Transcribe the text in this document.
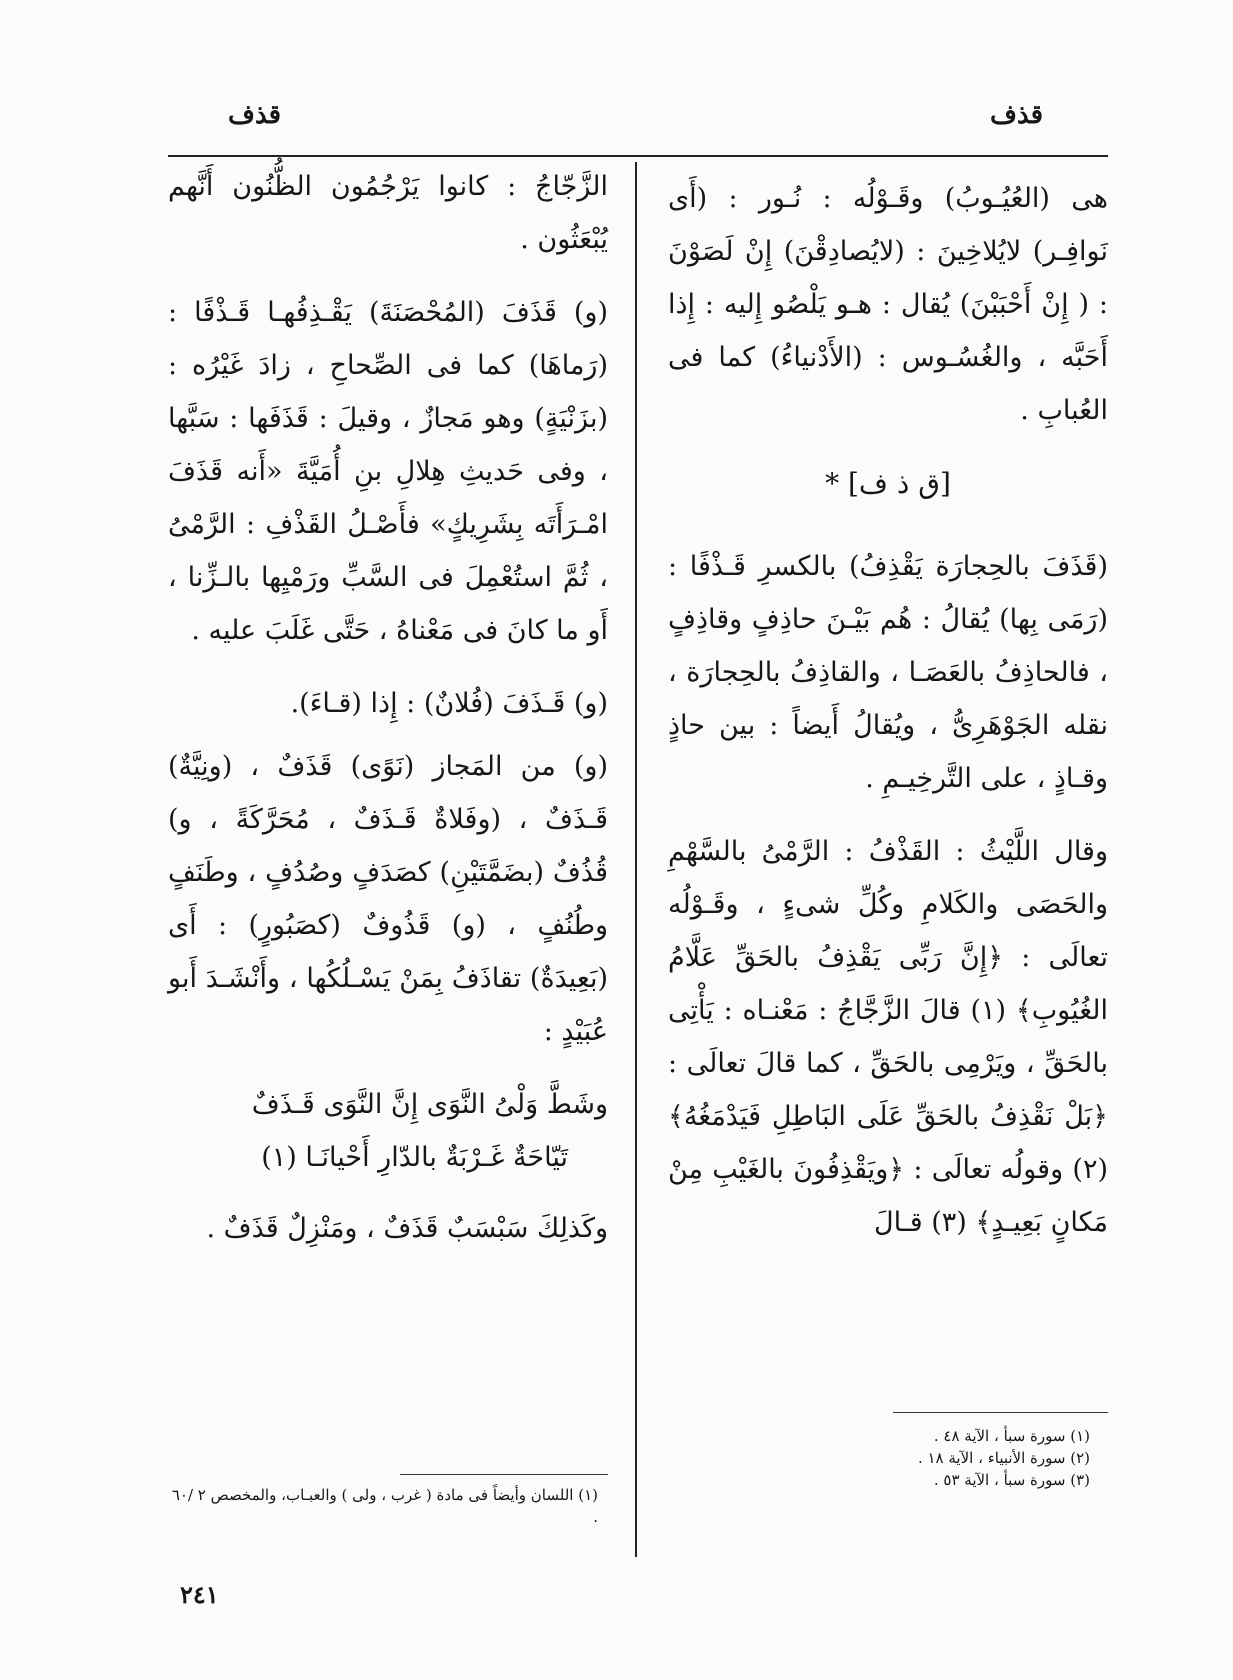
قذف
قذف

هى (العُيُـوبُ) وقَـوْلُه : نُـور : (أَى نَوافِـر) لايُلاخِينَ : (لايُصادِقْنَ) إِنْ لَصَوْنَ : ( إِنْ أَحْبَبْنَ) يُقال : هـو يَلْصُو إِليه : إِذا أَحَبَّه ، والغُسُـوس : (الأَدْنياءُ) كما فى العُبابِ .

[ق ذ ف] *

(قَذَفَ بالحِجارَة يَقْذِفُ) بالكسرِ قَـذْفًا : (رَمَى بِها) يُقالُ : هُم بَيْـنَ حاذِفٍ وقاذِفٍ ، فالحاذِفُ بالعَصَـا ، والقاذِفُ بالحِجارَة ، نقله الجَوْهَرِىُّ ، ويُقالُ أَيضاً : بين حاذٍ وقـاذٍ ، على التَّرخِيـمِ .

وقال اللَّيْثُ : القَذْفُ : الرَّمْىُ بالسَّهْمِ والحَصَى والكَلامِ وكُلِّ شىءٍ ، وقَـوْلُه تعالَى : ﴿إِنَّ رَبِّى يَقْذِفُ بالحَقِّ عَلَّامُ الغُيُوبِ﴾ (١) قالَ الزَّجَّاجُ : مَعْنـاه : يَأْتِى بالحَقِّ ، ويَرْمِى بالحَقِّ ، كما قالَ تعالَى : ﴿بَلْ نَقْذِفُ بالحَقِّ عَلَى البَاطِلِ فَيَدْمَغُهُ﴾ (٢) وقولُه تعالَى : ﴿ويَقْذِفُونَ بالغَيْبِ مِنْ مَكانٍ بَعِيـدٍ﴾ (٣) قـالَ

الزَّجّاجُ : كانوا يَرْجُمُون الظُّنُون أَنَّهم يُبْعَثُون .

(و) قَذَفَ (المُحْصَنَةَ) يَقْـذِفُهـا قَـذْفًا : (رَماهَا) كما فى الصِّحاحِ ، زادَ غَيْرُه :(بزَنْيَةٍ) وهو مَجازٌ ، وقيلَ : قَذَفَها : سَبَّها ، وفى حَديثِ هِلالِ بنِ أُمَيَّةَ «أَنه قَذَفَ امْـرَأَتَه بِشَرِيكٍ» فأَصْـلُ القَذْفِ : الرَّمْىُ ، ثُمَّ استُعْمِلَ فى السَّبِّ ورَمْيِها بالـزِّنا ، أَو ما كانَ فى مَعْناهُ ، حَتَّى غَلَبَ عليه .

(و) قَـذَفَ (فُلانٌ) : إِذا (قـاءَ).

(و) من المَجاز (نَوًى) قَذَفٌ ، (ونِيَّةٌ) قَـذَفٌ ، (وفَلاةٌ قَـذَفٌ ، مُحَرَّكَةً ، و) قُذُفٌ (بضَمَّتَيْنِ) كصَدَفٍ وصُدُفٍ ، وطَنَفٍ وطُنُفٍ ، (و) قَذُوفٌ (كصَبُورٍ) : أَى (بَعِيدَةٌ) تقاذَفُ بِمَنْ يَسْـلُكُها ، وأَنْشَـدَ أَبو عُبَيْدٍ :

وشَطَّ وَلْىُ النَّوَى إِنَّ النَّوَى قَـذَفٌ

تَيّاحَةٌ غَـرْبَةٌ بالدّارِ أَحْيانَـا (١)

وكَذلِكَ سَبْسَبٌ قَذَفٌ ، ومَنْزِلٌ قَذَفٌ .

(١) سورة سبأ ، الآية ٤٨ .
(٢) سورة الأنبياء ، الآية ١٨ .
(٣) سورة سبأ ، الآية ٥٣ .
(١) اللسان وأيضاً فى مادة ( غرب ، ولى ) والعبـاب، والمخصص ٢ /٦٠ .
٢٤١
